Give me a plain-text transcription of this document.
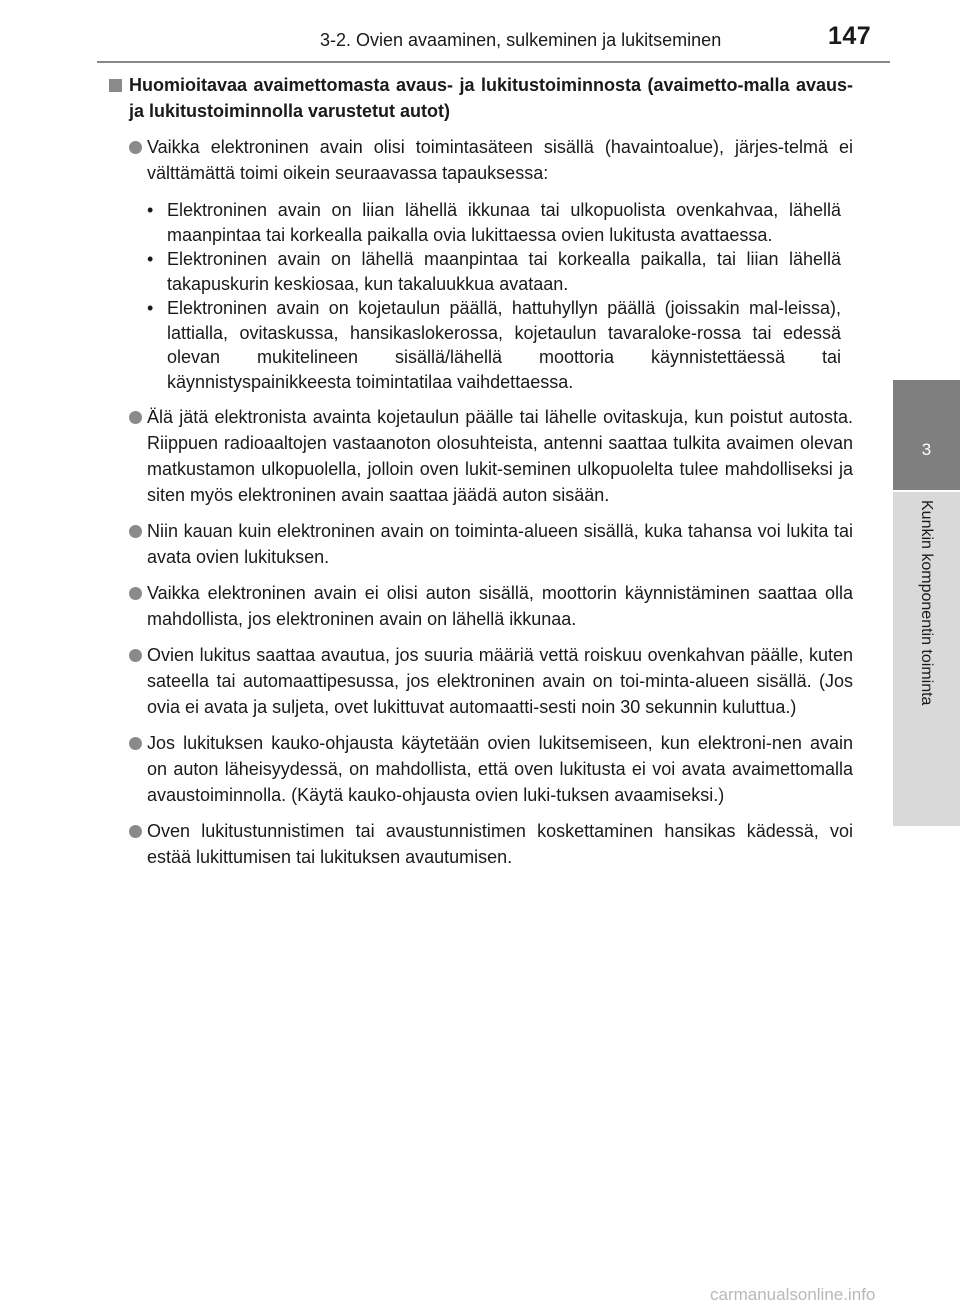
3-2. Ovien avaaminen, sulkeminen ja lukitseminen	147
3
Kunkin komponentin toiminta
Huomioitavaa avaimettomasta avaus- ja lukitustoiminnosta (avaimetto-malla avaus- ja lukitustoiminnolla varustetut autot)
Vaikka elektroninen avain olisi toimintasäteen sisällä (havaintoalue), järjes-telmä ei välttämättä toimi oikein seuraavassa tapauksessa:
• Elektroninen avain on liian lähellä ikkunaa tai ulkopuolista ovenkahvaa, lähellä maanpintaa tai korkealla paikalla ovia lukittaessa ovien lukitusta avattaessa.
• Elektroninen avain on lähellä maanpintaa tai korkealla paikalla, tai liian lähellä takapuskurin keskiosaa, kun takaluukkua avataan.
• Elektroninen avain on kojetaulun päällä, hattuhyllyn päällä (joissakin mal-leissa), lattialla, ovitaskussa, hansikaslokerossa, kojetaulun tavaraloke-rossa tai edessä olevan mukitelineen sisällä/lähellä moottoria käynnistettäessä tai käynnistyspainikkeesta toimintatilaa vaihdettaessa.
Älä jätä elektronista avainta kojetaulun päälle tai lähelle ovitaskuja, kun poistut autosta. Riippuen radioaaltojen vastaanoton olosuhteista, antenni saattaa tulkita avaimen olevan matkustamon ulkopuolella, jolloin oven lukit-seminen ulkopuolelta tulee mahdolliseksi ja siten myös elektroninen avain saattaa jäädä auton sisään.
Niin kauan kuin elektroninen avain on toiminta-alueen sisällä, kuka tahansa voi lukita tai avata ovien lukituksen.
Vaikka elektroninen avain ei olisi auton sisällä, moottorin käynnistäminen saattaa olla mahdollista, jos elektroninen avain on lähellä ikkunaa.
Ovien lukitus saattaa avautua, jos suuria määriä vettä roiskuu ovenkahvan päälle, kuten sateella tai automaattipesussa, jos elektroninen avain on toi-minta-alueen sisällä. (Jos ovia ei avata ja suljeta, ovet lukittuvat automaatti-sesti noin 30 sekunnin kuluttua.)
Jos lukituksen kauko-ohjausta käytetään ovien lukitsemiseen, kun elektroni-nen avain on auton läheisyydessä, on mahdollista, että oven lukitusta ei voi avata avaimettomalla avaustoiminnolla. (Käytä kauko-ohjausta ovien luki-tuksen avaamiseksi.)
Oven lukitustunnistimen tai avaustunnistimen koskettaminen hansikas kädessä, voi estää lukittumisen tai lukituksen avautumisen.
carmanualsonline.info
